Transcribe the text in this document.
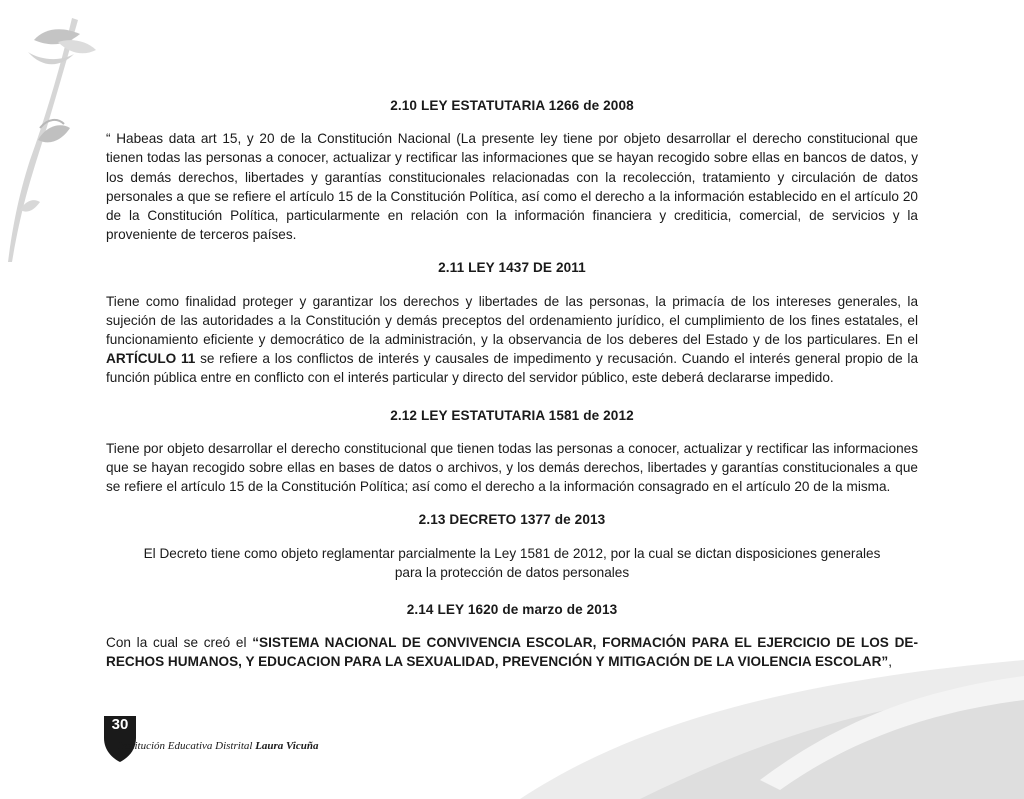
2.10 LEY ESTATUTARIA 1266 de 2008
“ Habeas data art 15, y 20 de la Constitución Nacional (La presente ley tiene por objeto desarrollar el derecho constitucional que tienen todas las personas a conocer, actualizar y rectificar las informaciones que se hayan recogido sobre ellas en bancos de datos, y los demás derechos, libertades y garantías constitucionales relacionadas con la recolección, tratamiento y circulación de datos personales a que se refiere el artículo 15 de la Constitución Política, así como el derecho a la información establecido en el artículo 20 de la Constitución Política, particularmente en relación con la información financiera y crediticia, comercial, de servicios y la proveniente de terceros países.
2.11 LEY 1437 DE 2011
Tiene como finalidad proteger y garantizar los derechos y libertades de las personas, la primacía de los intereses generales, la sujeción de las autoridades a la Constitución y demás preceptos del ordenamiento jurídico, el cumplimiento de los fines estatales, el funcionamiento eficiente y democrático de la administración, y la observancia de los deberes del Estado y de los particulares. En el ARTÍCULO 11 se refiere a los conflictos de interés y causales de impedimento y recusación. Cuando el interés general propio de la función pública entre en conflicto con el interés particular y directo del servidor público, este deberá declararse impedido.
2.12 LEY ESTATUTARIA 1581 de 2012
Tiene por objeto desarrollar el derecho constitucional que tienen todas las personas a conocer, actualizar y rectificar las informaciones que se hayan recogido sobre ellas en bases de datos o archivos, y los demás derechos, libertades y garantías constitucionales a que se refiere el artículo 15 de la Constitución Política; así como el derecho a la información consagrado en el artículo 20 de la misma.
2.13 DECRETO 1377 de 2013
El Decreto tiene como objeto reglamentar parcialmente la Ley 1581 de 2012, por la cual se dictan disposiciones generales
para la protección de datos personales
2.14 LEY 1620 de marzo de 2013
Con la cual se creó el “SISTEMA NACIONAL DE CONVIVENCIA ESCOLAR, FORMACIÓN PARA EL EJERCICIO DE LOS DERECHOS HUMANOS, Y EDUCACION PARA LA SEXUALIDAD, PREVENCIÓN Y MITIGACIÓN DE LA VIOLENCIA ESCOLAR”,
30
Institución Educativa Distrital Laura Vicuña
